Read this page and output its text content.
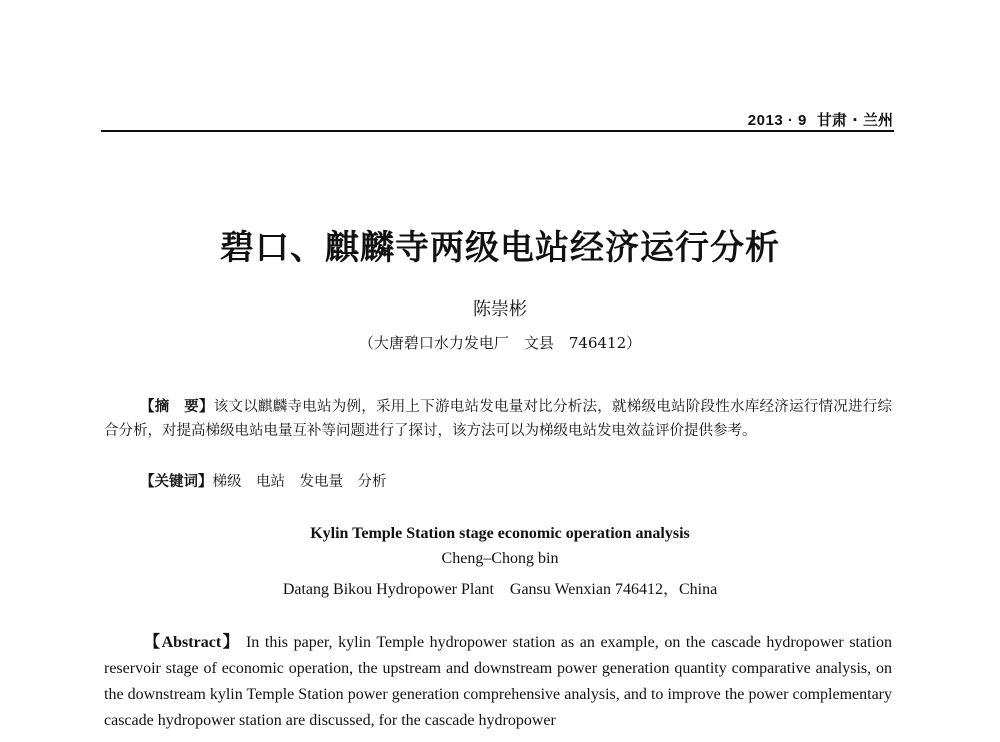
2013 · 9 甘肃 · 兰州
碧口、麒麟寺两级电站经济运行分析
陈崇彬
（大唐碧口水力发电厂　文县　746412）
【摘　要】该文以麒麟寺电站为例，采用上下游电站发电量对比分析法，就梯级电站阶段性水库经济运行情况进行综合分析，对提高梯级电站电量互补等问题进行了探讨，该方法可以为梯级电站发电效益评价提供参考。
【关键词】梯级　电站　发电量　分析
Kylin Temple Station stage economic operation analysis
Cheng–Chong bin
Datang Bikou Hydropower Plant　Gansu Wenxian 746412，China
【Abstract】 In this paper, kylin Temple hydropower station as an example, on the cascade hydropower station reservoir stage of economic operation, the upstream and downstream power generation quantity comparative analysis, on the downstream kylin Temple Station power generation comprehensive analysis, and to improve the power complementary cascade hydropower station are discussed, for the cascade hydropower
